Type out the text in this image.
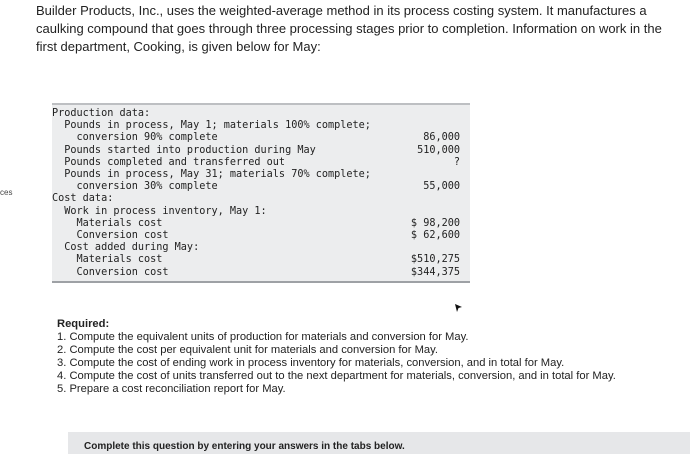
ces
Builder Products, Inc., uses the weighted-average method in its process costing system. It manufactures a caulking compound that goes through three processing stages prior to completion. Information on work in the first department, Cooking, is given below for May:
Production data:
Pounds in process, May 1; materials 100% complete;
conversion 90% complete	86,000
Pounds started into production during May	510,000
Pounds completed and transferred out	?
Pounds in process, May 31; materials 70% complete;
conversion 30% complete	55,000
Cost data:
Work in process inventory, May 1:
Materials cost	$ 98,200
Conversion cost	$ 62,600
Cost added during May:
Materials cost	$510,275
Conversion cost	$344,375
Required:
1. Compute the equivalent units of production for materials and conversion for May.
2. Compute the cost per equivalent unit for materials and conversion for May.
3. Compute the cost of ending work in process inventory for materials, conversion, and in total for May.
4. Compute the cost of units transferred out to the next department for materials, conversion, and in total for May.
5. Prepare a cost reconciliation report for May.
Complete this question by entering your answers in the tabs below.
